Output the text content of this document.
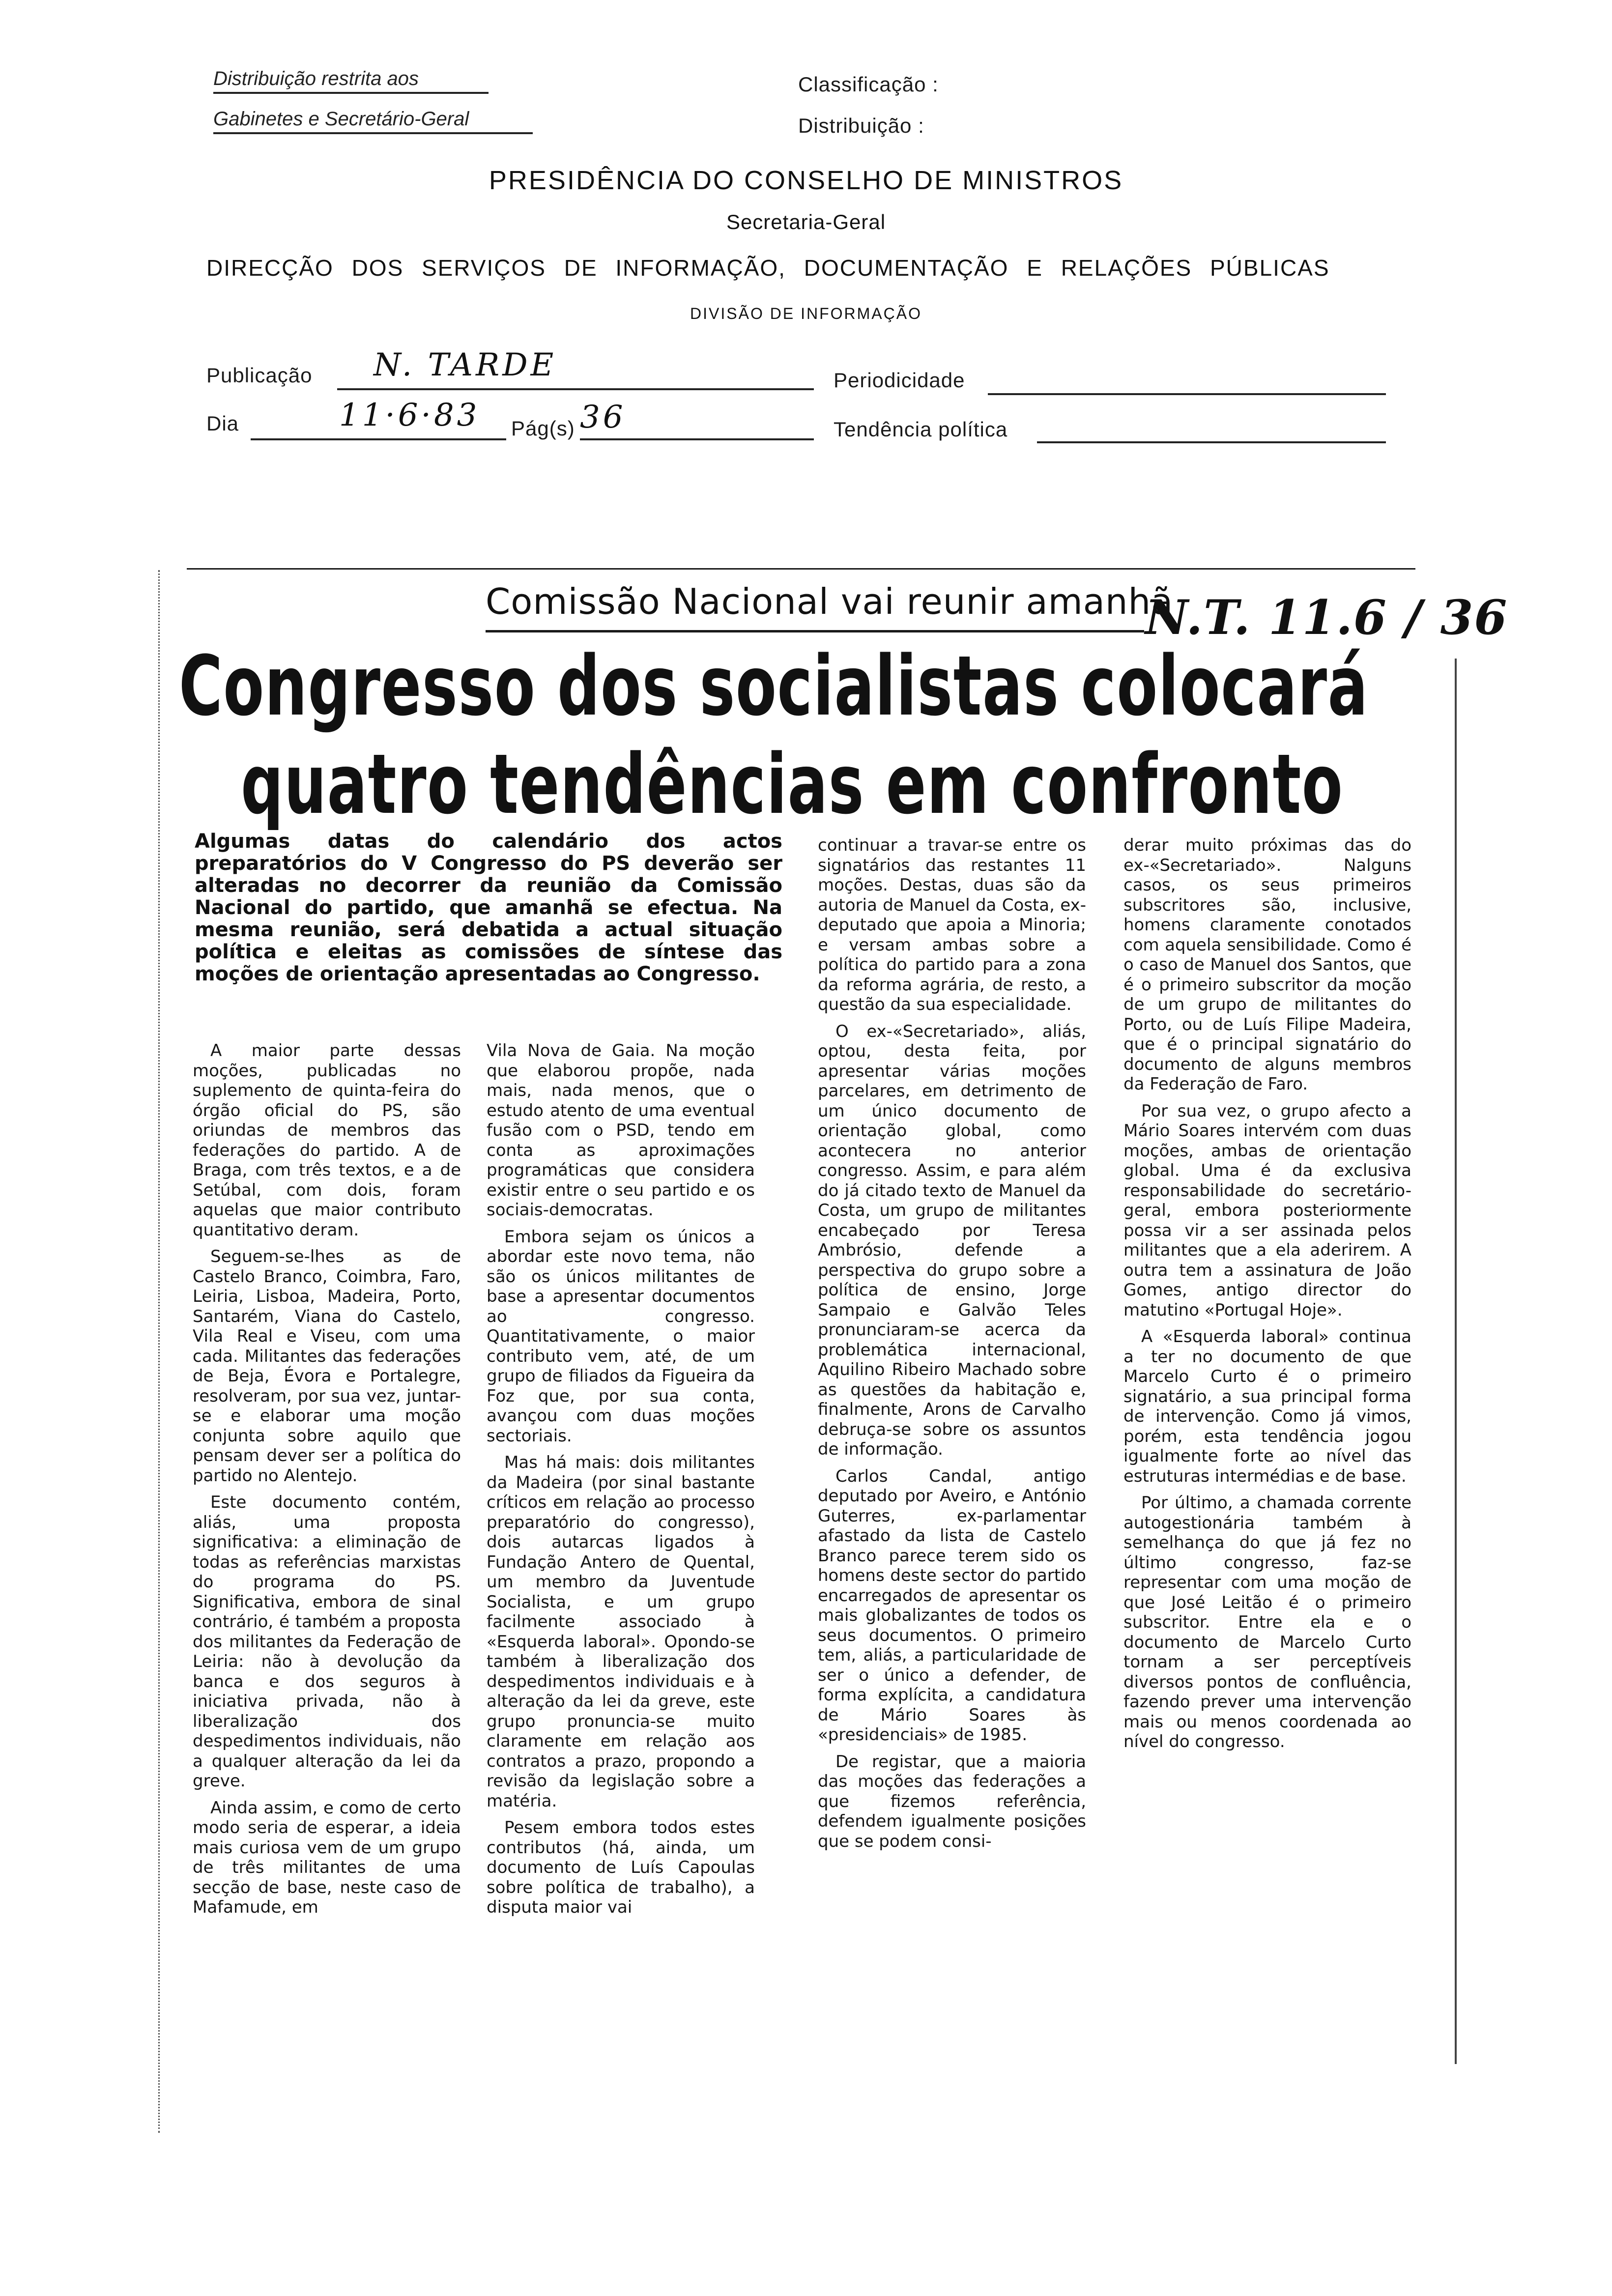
Distribuição restrita aos
Gabinetes e Secretário-Geral
Classificação :
Distribuição :
PRESIDÊNCIA DO CONSELHO DE MINISTROS
Secretaria-Geral
DIRECÇÃO DOS SERVIÇOS DE INFORMAÇÃO, DOCUMENTAÇÃO E RELAÇÕES PÚBLICAS
DIVISÃO DE INFORMAÇÃO
Publicação N. TARDE	Periodicidade
Dia	11·6·83 Pág(s) 36	Tendência política
Comissão Nacional vai reunir amanhã
N.T. 11.6 / 36
Congresso dos socialistas colocará
quatro tendências em confronto
Algumas datas do calendário dos actos preparatórios do V Congresso do PS deverão ser alteradas no decorrer da reunião da Comissão Nacional do partido, que amanhã se efectua. Na mesma reunião, será debatida a actual situação política e eleitas as comissões de síntese das moções de orientação apresentadas ao Congresso.

A maior parte dessas moções, publicadas no suplemento de quinta-feira do órgão oficial do PS, são oriundas de membros das federações do partido. A de Braga, com três textos, e a de Setúbal, com dois, foram aquelas que maior contributo quantitativo deram.

Seguem-se-lhes as de Castelo Branco, Coimbra, Faro, Leiria, Lisboa, Madeira, Porto, Santarém, Viana do Castelo, Vila Real e Viseu, com uma cada. Militantes das federações de Beja, Évora e Portalegre, resolveram, por sua vez, juntar-se e elaborar uma moção conjunta sobre aquilo que pensam dever ser a política do partido no Alentejo.

Este documento contém, aliás, uma proposta significativa: a eliminação de todas as referências marxistas do programa do PS. Significativa, embora de sinal contrário, é também a proposta dos militantes da Federação de Leiria: não à devolução da banca e dos seguros à iniciativa privada, não à liberalização dos despedimentos individuais, não a qualquer alteração da lei da greve.

Ainda assim, e como de certo modo seria de esperar, a ideia mais curiosa vem de um grupo de três militantes de uma secção de base, neste caso de Mafamude, em

Vila Nova de Gaia. Na moção que elaborou propõe, nada mais, nada menos, que o estudo atento de uma eventual fusão com o PSD, tendo em conta as aproximações programáticas que considera existir entre o seu partido e os sociais-democratas.

Embora sejam os únicos a abordar este novo tema, não são os únicos militantes de base a apresentar documentos ao congresso. Quantitativamente, o maior contributo vem, até, de um grupo de filiados da Figueira da Foz que, por sua conta, avançou com duas moções sectoriais.

Mas há mais: dois militantes da Madeira (por sinal bastante críticos em relação ao processo preparatório do congresso), dois autarcas ligados à Fundação Antero de Quental, um membro da Juventude Socialista, e um grupo facilmente associado à «Esquerda laboral». Opondo-se também à liberalização dos despedimentos individuais e à alteração da lei da greve, este grupo pronuncia-se muito claramente em relação aos contratos a prazo, propondo a revisão da legislação sobre a matéria.

Pesem embora todos estes contributos (há, ainda, um documento de Luís Capoulas sobre política de trabalho), a disputa maior vai

continuar a travar-se entre os signatários das restantes 11 moções. Destas, duas são da autoria de Manuel da Costa, ex-deputado que apoia a Minoria; e versam ambas sobre a política do partido para a zona da reforma agrária, de resto, a questão da sua especialidade.

O ex-«Secretariado», aliás, optou, desta feita, por apresentar várias moções parcelares, em detrimento de um único documento de orientação global, como acontecera no anterior congresso. Assim, e para além do já citado texto de Manuel da Costa, um grupo de militantes encabeçado por Teresa Ambrósio, defende a perspectiva do grupo sobre a política de ensino, Jorge Sampaio e Galvão Teles pronunciaram-se acerca da problemática internacional, Aquilino Ribeiro Machado sobre as questões da habitação e, finalmente, Arons de Carvalho debruça-se sobre os assuntos de informação.

Carlos Candal, antigo deputado por Aveiro, e António Guterres, ex-parlamentar afastado da lista de Castelo Branco parece terem sido os homens deste sector do partido encarregados de apresentar os mais globalizantes de todos os seus documentos. O primeiro tem, aliás, a particularidade de ser o único a defender, de forma explícita, a candidatura de Mário Soares às «presidenciais» de 1985.

De registar, que a maioria das moções das federações a que fizemos referência, defendem igualmente posições que se podem consi-

derar muito próximas das do ex-«Secretariado». Nalguns casos, os seus primeiros subscritores são, inclusive, homens claramente conotados com aquela sensibilidade. Como é o caso de Manuel dos Santos, que é o primeiro subscritor da moção de um grupo de militantes do Porto, ou de Luís Filipe Madeira, que é o principal signatário do documento de alguns membros da Federação de Faro.

Por sua vez, o grupo afecto a Mário Soares intervém com duas moções, ambas de orientação global. Uma é da exclusiva responsabilidade do secretário-geral, embora posteriormente possa vir a ser assinada pelos militantes que a ela aderirem. A outra tem a assinatura de João Gomes, antigo director do matutino «Portugal Hoje».

A «Esquerda laboral» continua a ter no documento de que Marcelo Curto é o primeiro signatário, a sua principal forma de intervenção. Como já vimos, porém, esta tendência jogou igualmente forte ao nível das estruturas intermédias e de base.

Por último, a chamada corrente autogestionária também à semelhança do que já fez no último congresso, faz-se representar com uma moção de que José Leitão é o primeiro subscritor. Entre ela e o documento de Marcelo Curto tornam a ser perceptíveis diversos pontos de confluência, fazendo prever uma intervenção mais ou menos coordenada ao nível do congresso.
